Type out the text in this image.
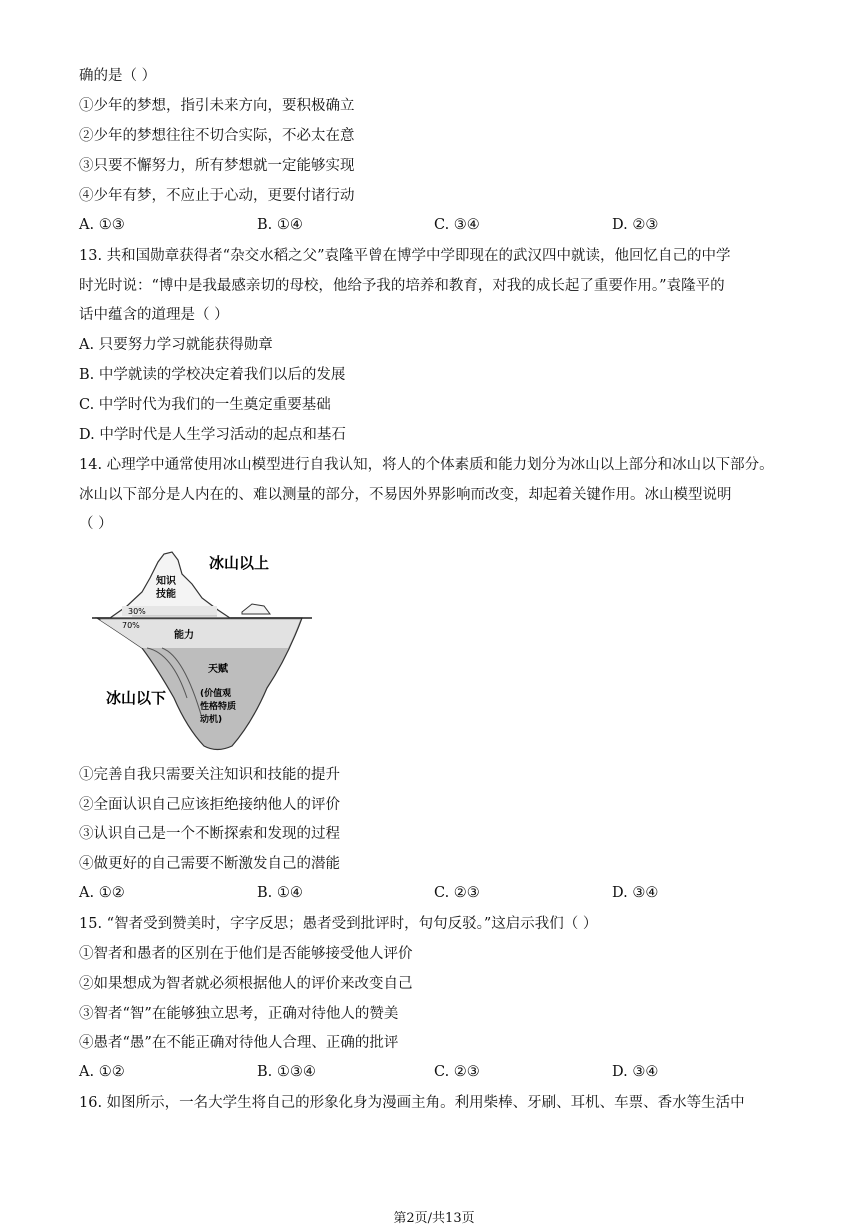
确的是（ ）
①少年的梦想，指引未来方向，要积极确立
②少年的梦想往往不切合实际，不必太在意
③只要不懈努力，所有梦想就一定能够实现
④少年有梦，不应止于心动，更要付诸行动
A. ①③	B. ①④	C. ③④	D. ②③
13. 共和国勋章获得者“杂交水稻之父”袁隆平曾在博学中学即现在的武汉四中就读，他回忆自己的中学
时光时说：“博中是我最感亲切的母校，他给予我的培养和教育，对我的成长起了重要作用。”袁隆平的
话中蕴含的道理是（ ）
A. 只要努力学习就能获得勋章
B. 中学就读的学校决定着我们以后的发展
C. 中学时代为我们的一生奠定重要基础
D. 中学时代是人生学习活动的起点和基石
14. 心理学中通常使用冰山模型进行自我认知，将人的个体素质和能力划分为冰山以上部分和冰山以下部分。
冰山以下部分是人内在的、难以测量的部分，不易因外界影响而改变，却起着关键作用。冰山模型说明
（ ）
冰山以上
知识
技能
30%
70%
能力
天赋
(价值观
性格特质
动机)
冰山以下
①完善自我只需要关注知识和技能的提升
②全面认识自己应该拒绝接纳他人的评价
③认识自己是一个不断探索和发现的过程
④做更好的自己需要不断激发自己的潜能
A. ①②	B. ①④	C. ②③	D. ③④
15. “智者受到赞美时，字字反思；愚者受到批评时，句句反驳。”这启示我们（ ）
①智者和愚者的区别在于他们是否能够接受他人评价
②如果想成为智者就必须根据他人的评价来改变自己
③智者“智”在能够独立思考，正确对待他人的赞美
④愚者“愚”在不能正确对待他人合理、正确的批评
A. ①②	B. ①③④	C. ②③	D. ③④
16. 如图所示，一名大学生将自己的形象化身为漫画主角。利用柴棒、牙刷、耳机、车票、香水等生活中
第2页/共13页
